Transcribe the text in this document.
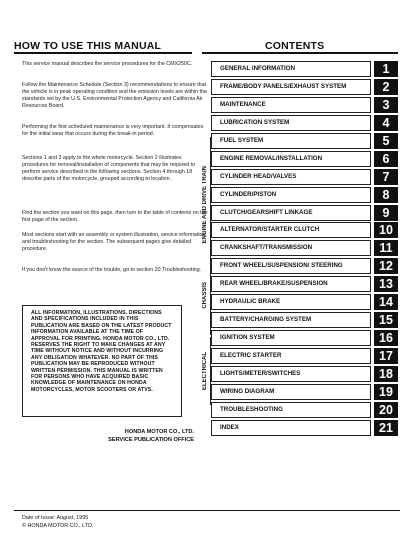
HOW TO USE THIS MANUAL	CONTENTS
This service manual describes the service procedures for the CMX250C.
Follow the Maintenance Schedule (Section 3) recommendations to ensure that the vehicle is in peak operating condition and the emission levels are within the standards set by the U.S. Environmental Protection Agency and California Air Resources Board.
Performing the first scheduled maintenance is very important. It compensates for the initial wear that occurs during the break-in period.
Sections 1 and 3 apply to the whole motorcycle. Section 2 illustrates procedures for removal/installation of components that may be required to perform service described in the following sections. Section 4 through 18 describe parts of the motorcycle, grouped according to location.
Find the section you want on this page, then turn to the table of contents on the first page of the section.
Most sections start with an assembly or system illustration, service information and troubleshooting for the section. The subsequent pages give detailed procedure.
If you don't know the source of the trouble, go to section 20 Troubleshooting.
ALL INFORMATION, ILLUSTRATIONS, DIRECTIONS AND SPECIFICATIONS INCLUDED IN THIS PUBLICATION ARE BASED ON THE LATEST PRODUCT INFORMATION AVAILABLE AT THE TIME OF APPROVAL FOR PRINTING. HONDA MOTOR CO., LTD. RESERVES THE RIGHT TO MAKE CHANGES AT ANY TIME WITHOUT NOTICE AND WITHOUT INCURRING ANY OBLIGATION WHATEVER. NO PART OF THIS PUBLICATION MAY BE REPRODUCED WITHOUT WRITTEN PERMISSION. THIS MANUAL IS WRITTEN FOR PERSONS WHO HAVE ACQUIRED BASIC KNOWLEDGE OF MAINTENANCE ON HONDA MOTORCYCLES, MOTOR SCOOTERS OR ATVS.
HONDA MOTOR CO., LTD.
SERVICE PUBLICATION OFFICE
Date of Issue: August, 1995
© HONDA MOTOR CO., LTD.
ENGINE AND DRIVE TRAIN
CHASSIS
ELECTRICAL
GENERAL INFORMATION	1
FRAME/BODY PANELS/EXHAUST SYSTEM	2
MAINTENANCE	3
LUBRICATION SYSTEM	4
FUEL SYSTEM	5
ENGINE REMOVAL/INSTALLATION	6
CYLINDER HEAD/VALVES	7
CYLINDER/PISTON	8
CLUTCH/GEARSHIFT LINKAGE	9
ALTERNATOR/STARTER CLUTCH	10
CRANKSHAFT/TRANSMISSION	11
FRONT WHEEL/SUSPENSION/ STEERING	12
REAR WHEEL/BRAKE/SUSPENSION	13
HYDRAULIC BRAKE	14
BATTERY/CHARGING SYSTEM	15
IGNITION SYSTEM	16
ELECTRIC STARTER	17
LIGHTS/METER/SWITCHES	18
WIRING DIAGRAM	19
TROUBLESHOOTING	20
INDEX	21
